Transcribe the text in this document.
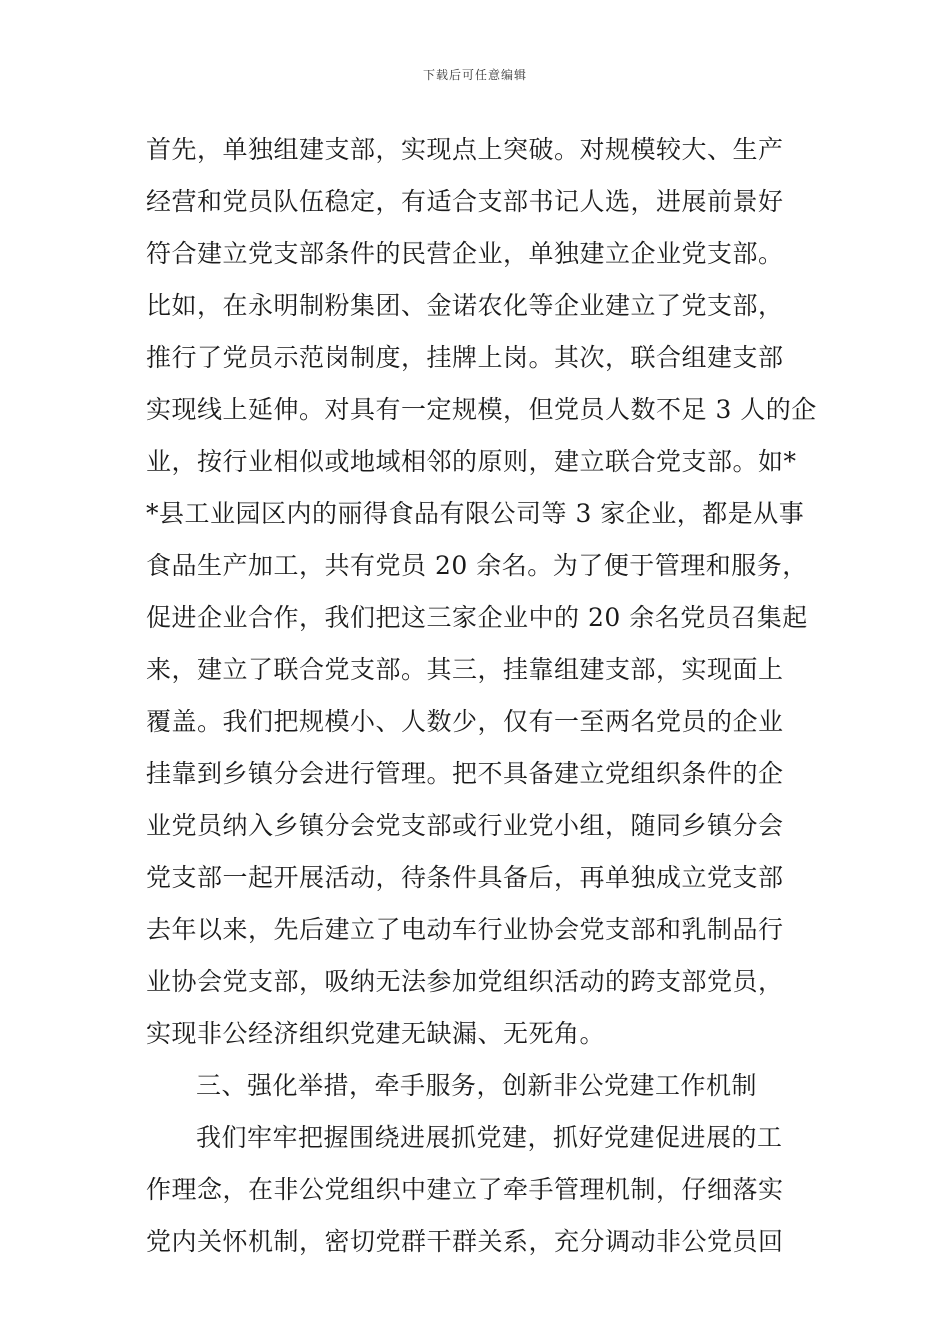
下载后可任意编辑
首先，单独组建支部，实现点上突破。对规模较大、生产
经营和党员队伍稳定，有适合支部书记人选，进展前景好
符合建立党支部条件的民营企业，单独建立企业党支部。
比如，在永明制粉集团、金诺农化等企业建立了党支部，
推行了党员示范岗制度，挂牌上岗。其次，联合组建支部
实现线上延伸。对具有一定规模，但党员人数不足 3 人的企
业，按行业相似或地域相邻的原则，建立联合党支部。如*
*县工业园区内的丽得食品有限公司等 3 家企业，都是从事
食品生产加工，共有党员 20 余名。为了便于管理和服务，
促进企业合作，我们把这三家企业中的 20 余名党员召集起
来，建立了联合党支部。其三，挂靠组建支部，实现面上
覆盖。我们把规模小、人数少，仅有一至两名党员的企业
挂靠到乡镇分会进行管理。把不具备建立党组织条件的企
业党员纳入乡镇分会党支部或行业党小组，随同乡镇分会
党支部一起开展活动，待条件具备后，再单独成立党支部
去年以来，先后建立了电动车行业协会党支部和乳制品行
业协会党支部，吸纳无法参加党组织活动的跨支部党员，
实现非公经济组织党建无缺漏、无死角。
三、强化举措，牵手服务，创新非公党建工作机制
我们牢牢把握围绕进展抓党建，抓好党建促进展的工
作理念，在非公党组织中建立了牵手管理机制，仔细落实
党内关怀机制，密切党群干群关系，充分调动非公党员回
